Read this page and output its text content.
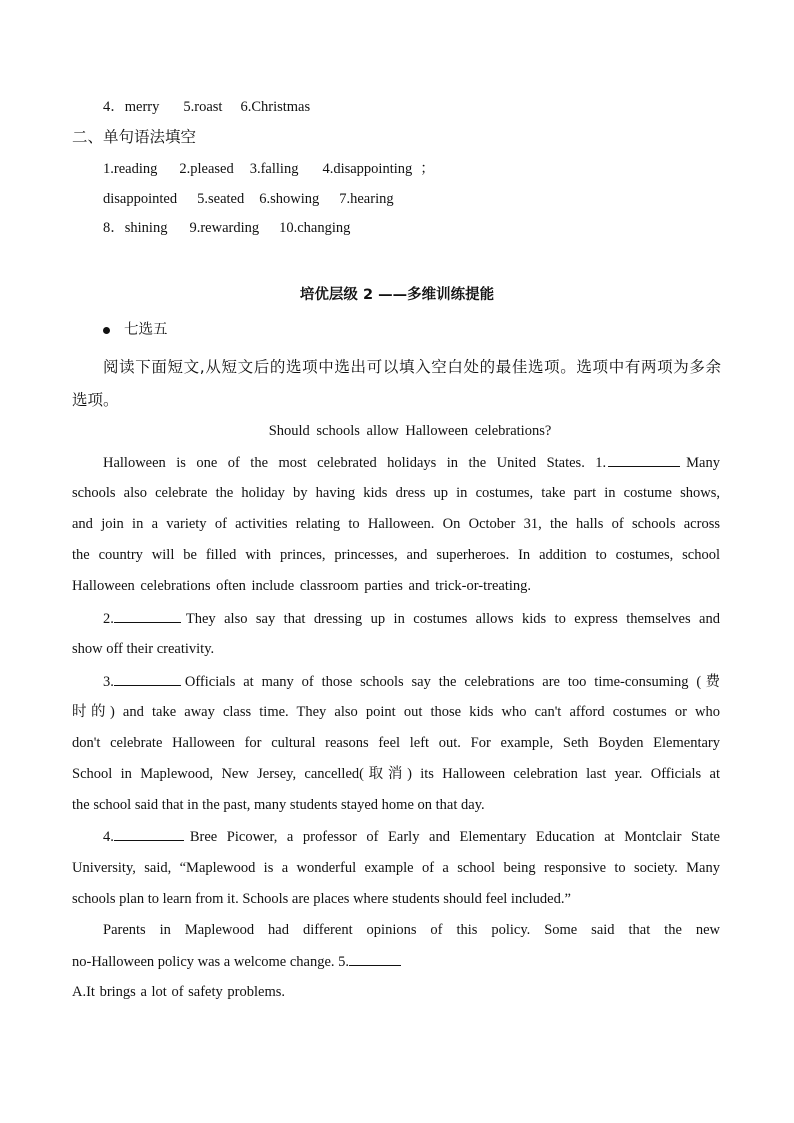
4．merry 5.roast 6.Christmas
二、单句语法填空
1.reading 2.pleased 3.falling 4.disappointing ；
disappointed 5.seated 6.showing 7.hearing
8．shining 9.rewarding 10.changing
培优层级 2 ——多维训练提能
七选五
阅读下面短文,从短文后的选项中选出可以填入空白处的最佳选项。选项中有两项为多余
选项。
Should schools allow Halloween celebrations?
Halloween is one of the most celebrated holidays in the United States. 1.	Many
schools also celebrate the holiday by having kids dress up in costumes, take part in costume shows,
and join in a variety of activities relating to Halloween. On October 31, the halls of schools across
the country will be filled with princes, princesses, and superheroes. In addition to costumes, school
Halloween celebrations often include classroom parties and trick-or-treating.
2.	They also say that dressing up in costumes allows kids to express themselves and
show off their creativity.
3.	Officials at many of those schools say the celebrations are too time-consuming (费
时的) and take away class time. They also point out those kids who can't afford costumes or who
don't celebrate Halloween for cultural reasons feel left out. For example, Seth Boyden Elementary
School in Maplewood, New Jersey, cancelled(取消) its Halloween celebration last year. Officials at
the school said that in the past, many students stayed home on that day.
4.	Bree Picower, a professor of Early and Elementary Education at Montclair State
University, said, “Maplewood is a wonderful example of a school being responsive to society. Many
schools plan to learn from it. Schools are places where students should feel included.”
Parents in Maplewood had different opinions of this policy. Some said that the new
no-Halloween policy was a welcome change. 5.
A.It brings a lot of safety problems.
